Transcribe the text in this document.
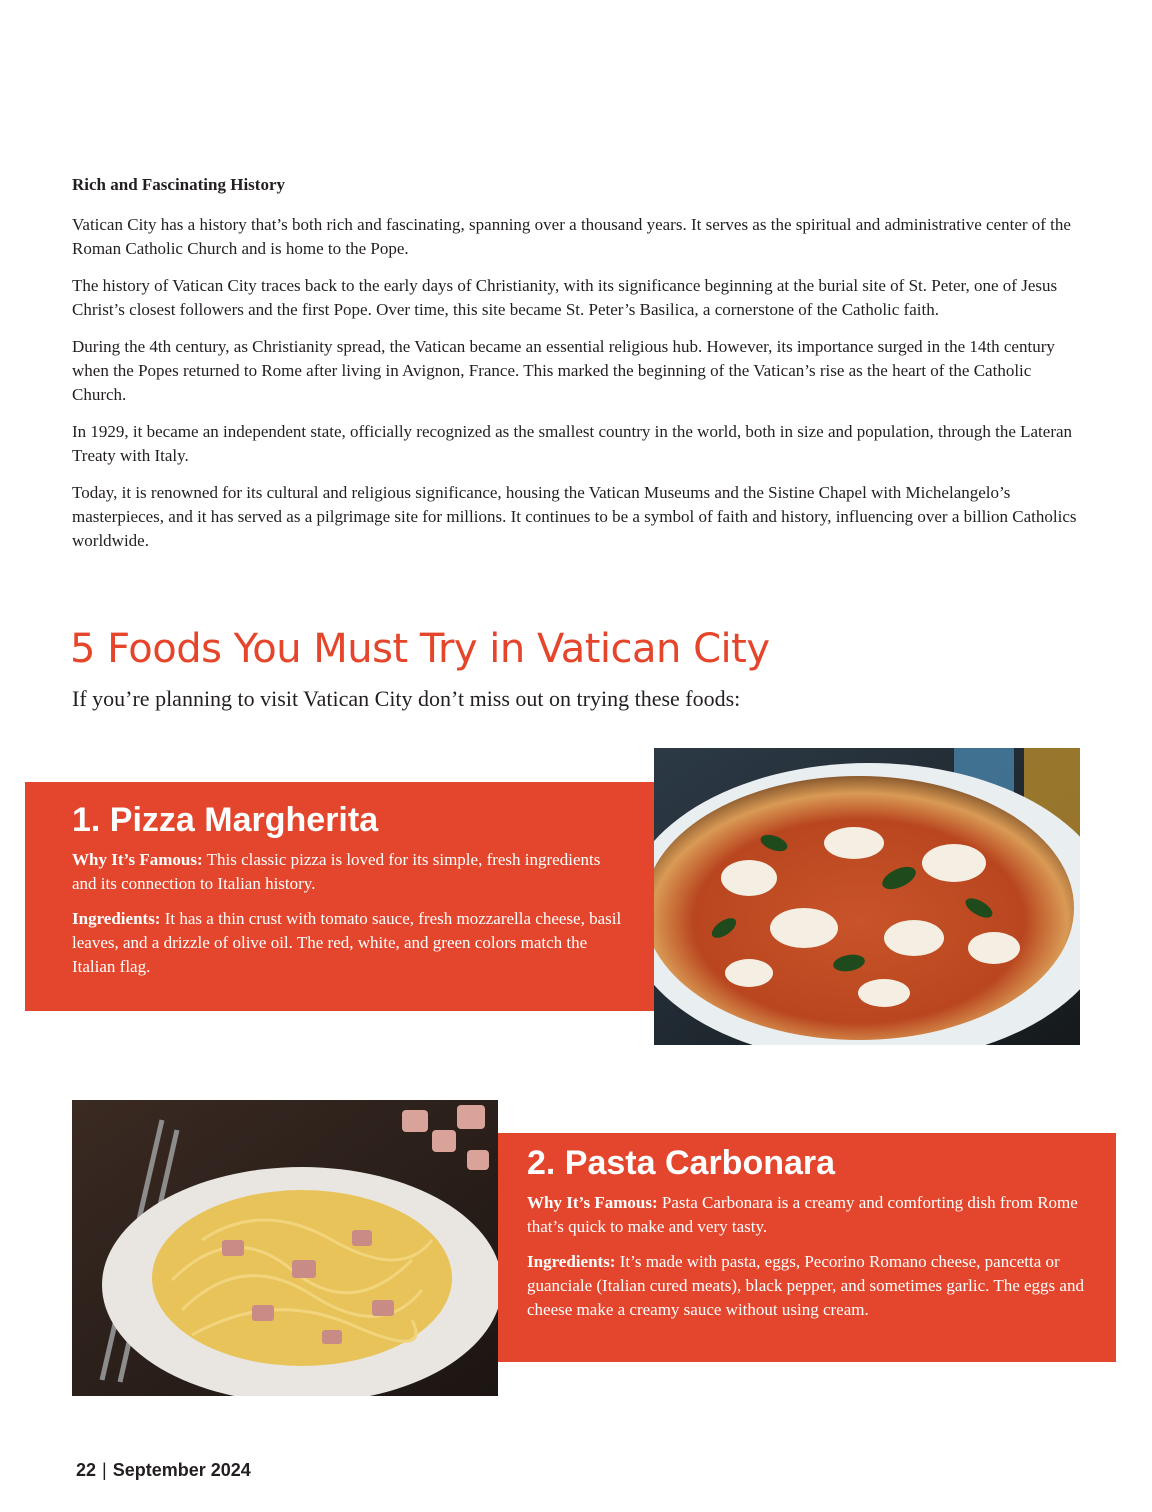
Rich and Fascinating History

Vatican City has a history that’s both rich and fascinating, spanning over a thousand years. It serves as the spiritual and administrative center of the Roman Catholic Church and is home to the Pope.

The history of Vatican City traces back to the early days of Christianity, with its significance beginning at the burial site of St. Peter, one of Jesus Christ’s closest followers and the first Pope. Over time, this site became St. Peter’s Basilica, a cornerstone of the Catholic faith.

During the 4th century, as Christianity spread, the Vatican became an essential religious hub. However, its importance surged in the 14th century when the Popes returned to Rome after living in Avignon, France. This marked the beginning of the Vatican’s rise as the heart of the Catholic Church.

In 1929, it became an independent state, officially recognized as the smallest country in the world, both in size and population, through the Lateran Treaty with Italy.

Today, it is renowned for its cultural and religious significance, housing the Vatican Museums and the Sistine Chapel with Michelangelo’s masterpieces, and it has served as a pilgrimage site for millions. It continues to be a symbol of faith and history, influencing over a billion Catholics worldwide.

5 Foods You Must Try in Vatican City

If you’re planning to visit Vatican City don’t miss out on trying these foods:

1. Pizza Margherita

Why It’s Famous: This classic pizza is loved for its simple, fresh ingredients and its connection to Italian history.

Ingredients: It has a thin crust with tomato sauce, fresh mozzarella cheese, basil leaves, and a drizzle of olive oil. The red, white, and green colors match the Italian flag.

2. Pasta Carbonara

Why It’s Famous: Pasta Carbonara is a creamy and comforting dish from Rome that’s quick to make and very tasty.

Ingredients: It’s made with pasta, eggs, Pecorino Romano cheese, pancetta or guanciale (Italian cured meats), black pepper, and sometimes garlic. The eggs and cheese make a creamy sauce without using cream.

22 | September 2024
